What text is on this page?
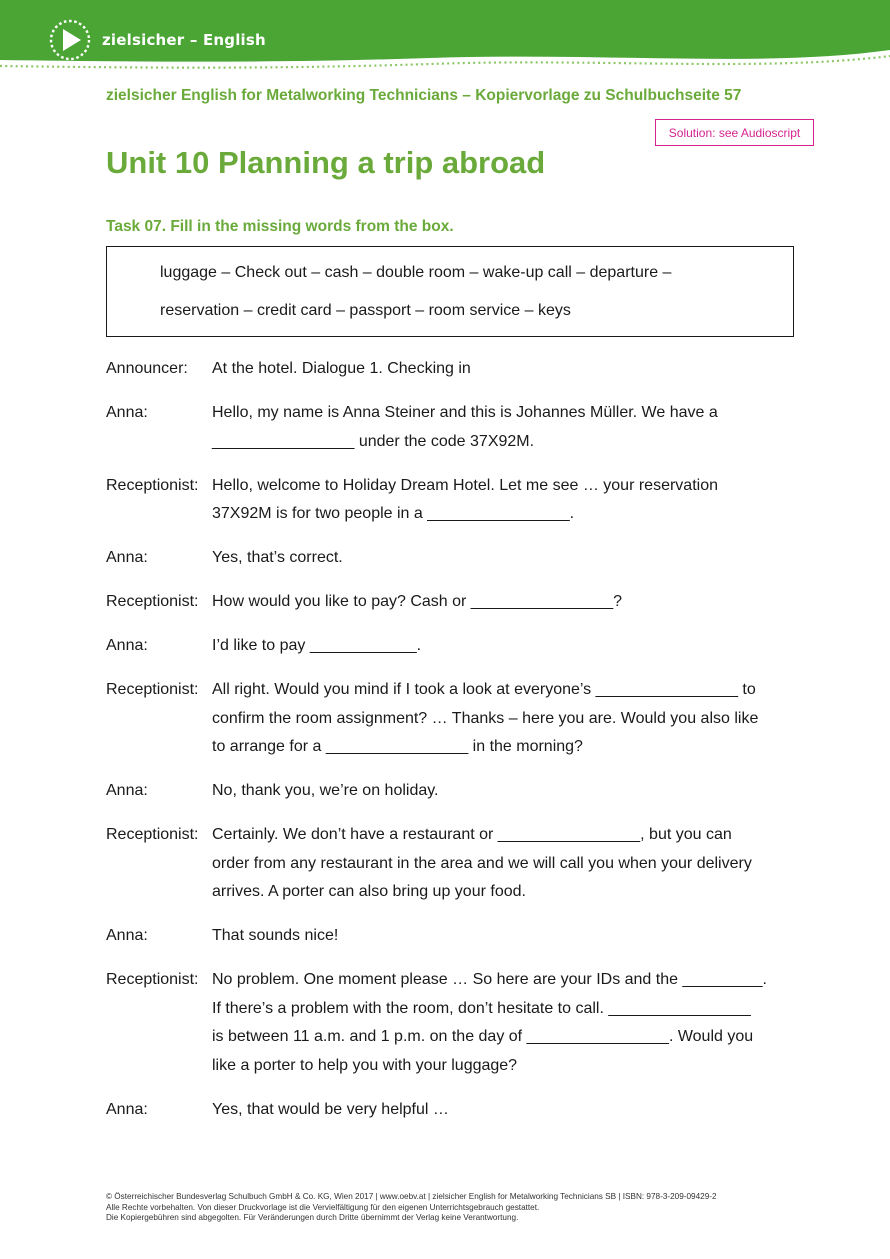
zielsicher – English
zielsicher English for Metalworking Technicians – Kopiervorlage zu Schulbuchseite 57
Solution: see Audioscript
Unit 10 Planning a trip abroad
Task 07. Fill in the missing words from the box.
luggage – Check out – cash – double room – wake-up call – departure –
reservation – credit card – passport – room service – keys
Announcer:	At the hotel. Dialogue 1. Checking in
Anna:	Hello, my name is Anna Steiner and this is Johannes Müller. We have a
________________ under the code 37X92M.
Receptionist: Hello, welcome to Holiday Dream Hotel. Let me see … your reservation
37X92M is for two people in a ________________.
Anna:	Yes, that’s correct.
Receptionist: How would you like to pay? Cash or ________________?
Anna:	I’d like to pay ____________.
Receptionist: All right. Would you mind if I took a look at everyone’s ________________ to
confirm the room assignment? … Thanks – here you are. Would you also like
to arrange for a ________________ in the morning?
Anna:	No, thank you, we’re on holiday.
Receptionist: Certainly. We don’t have a restaurant or ________________, but you can
order from any restaurant in the area and we will call you when your delivery
arrives. A porter can also bring up your food.
Anna:	That sounds nice!
Receptionist: No problem. One moment please … So here are your IDs and the _________.
If there’s a problem with the room, don’t hesitate to call. ________________
is between 11 a.m. and 1 p.m. on the day of ________________. Would you
like a porter to help you with your luggage?
Anna:	Yes, that would be very helpful …
© Österreichischer Bundesverlag Schulbuch GmbH & Co. KG, Wien 2017 | www.oebv.at | zielsicher English for Metalworking Technicians SB | ISBN: 978-3-209-09429-2
Alle Rechte vorbehalten. Von dieser Druckvorlage ist die Vervielfältigung für den eigenen Unterrichtsgebrauch gestattet.
Die Kopiergebühren sind abgegolten. Für Veränderungen durch Dritte übernimmt der Verlag keine Verantwortung.
